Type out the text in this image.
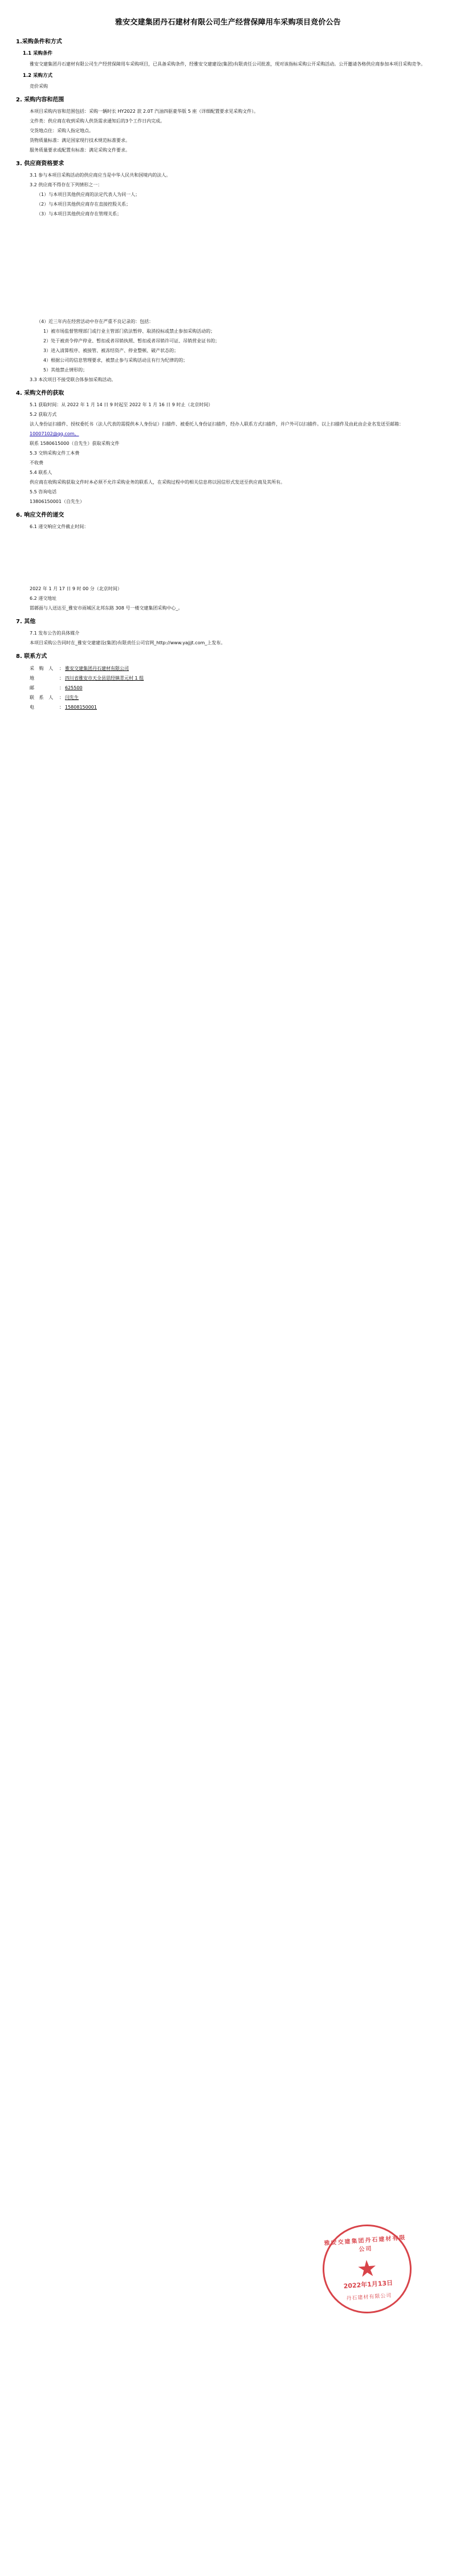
雅安交建集团丹石建材有限公司生产经营保障用车采购项目竞价公告
1.采购条件和方式
1.1 采购条件
雅安交建集团丹石建材有限公司生产经营保障用车采购项目，已具备采购条件，经雅安交建建设(集团)有限责任公司批准，现对该指标采购公开采购活动。公开邀请各格供应商参加本项目采购竞争。
1.2 采购方式
竞价采购
2. 采购内容和范围
本项目采购内容和范围包括：采购一辆时长 HY2022 款 2.0T 汽油四驱豪华版 5 座（详细配置要求见采购文件）。
文件类：供应商在收到采购人供货需求通知后的3个工作日内完成。
交货地点住：采购人指定地点。
货物质量标准：满足国家现行技术规范标准要求。
服务质量要求或配置有标准：满足采购文件要求。
3. 供应商资格要求
3.1 参与本项目采购活动的供应商应当是中华人民共和国境内的法人。
3.2 供应商不得存在下列情形之一：
（1）与本项目其他供应商的法定代表人为同一人；
（2）与本项目其他供应商存在直接控股关系；
（3）与本项目其他供应商存在管理关系；
（4）近三年内在经营活动中存在严重不良记录的：包括：
1）被市场监督管理部门或行业主管部门依法暂停、取消投标或禁止参加采购活动的；
2）处于被责令停产停业、暂扣或者吊销执照、暂扣或者吊销许可证、吊销营业证书的；
3）进入清算程序、被接管、被冻结资产、停业整顿、破产状态的；
4）根据公司的信息管理要求，被禁止参与采购活动且有行为纪律的的；
5）其他禁止情形的；
3.3 本次项目不接受联合体参加采购活动。
4. 采购文件的获取
5.1 获取时间：从 2022 年 1 月 14 日 9 时起至 2022 年 1 月 16 日 9 时止（北京时间）
5.2 获取方式
法人身份证扫描件、授权委托书（法人代表的需提供本人身份证）扫描件、被委托人身份证扫描件，经办人联系方式扫描件，并户外可以扫描件。以上扫描件及由此由企业名发送至邮箱：
10007102@qq.com。
联系 1580615000（自先生）获取采购文件
5.3 交纳采购文件工本费
不收费
5.4 联系人
供应商在收购采购获取文件时本必须不允许采购业务的联系人，在采购过程中的相关信息将以因信形式发送至供应商及其所有。
5.5 咨询电话
13806150001（自先生）
6. 响应文件的递交
6.1 递交响应文件截止时间：
2022 年 1 月 17 日 9 时 00 分（北京时间）
6.2 递交地址
邯鄣面与人送达至_雅安市雨城区北邦东路 308 号一楼交建集团采购中心_。
7. 其他
7.1 发布公告的具体媒介
本项目采购公告同时在_雅安交建建设(集团)有限责任公司官网_http://www.yajjjt.com_上发布。
8. 联系方式
采 购 人 ： 雅安交建集团丹石建材有限公司
地	： 四川省雅安市天全县思经镇青元村 1 组
邮	： 625500
联 系 人 ： 闫先生
电	： 15808150001
雅安交建集团丹石建材有限公司
★
2022年1月13日
丹石建材有限公司
